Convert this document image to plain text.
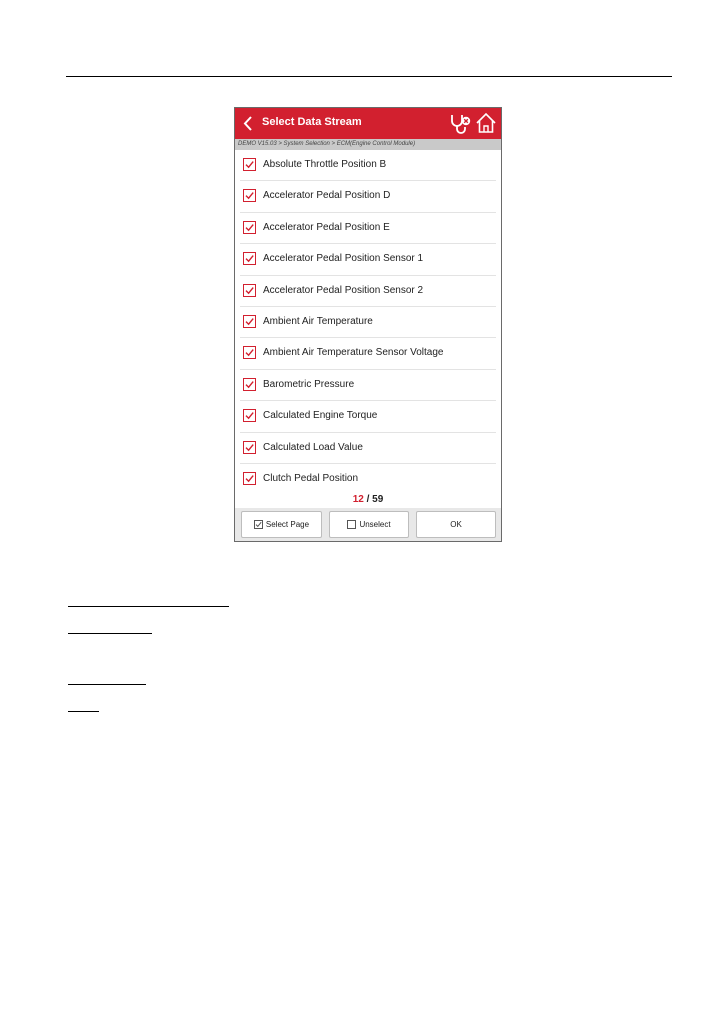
Select Data Stream
DEMO V15.03 > System Selection > ECM(Engine Control Module)
Absolute Throttle Position B
Accelerator Pedal Position D
Accelerator Pedal Position E
Accelerator Pedal Position Sensor 1
Accelerator Pedal Position Sensor 2
Ambient Air Temperature
Ambient Air Temperature Sensor Voltage
Barometric Pressure
Calculated Engine Torque
Calculated Load Value
Clutch Pedal Position
12 / 59
Select Page	Unselect	OK
